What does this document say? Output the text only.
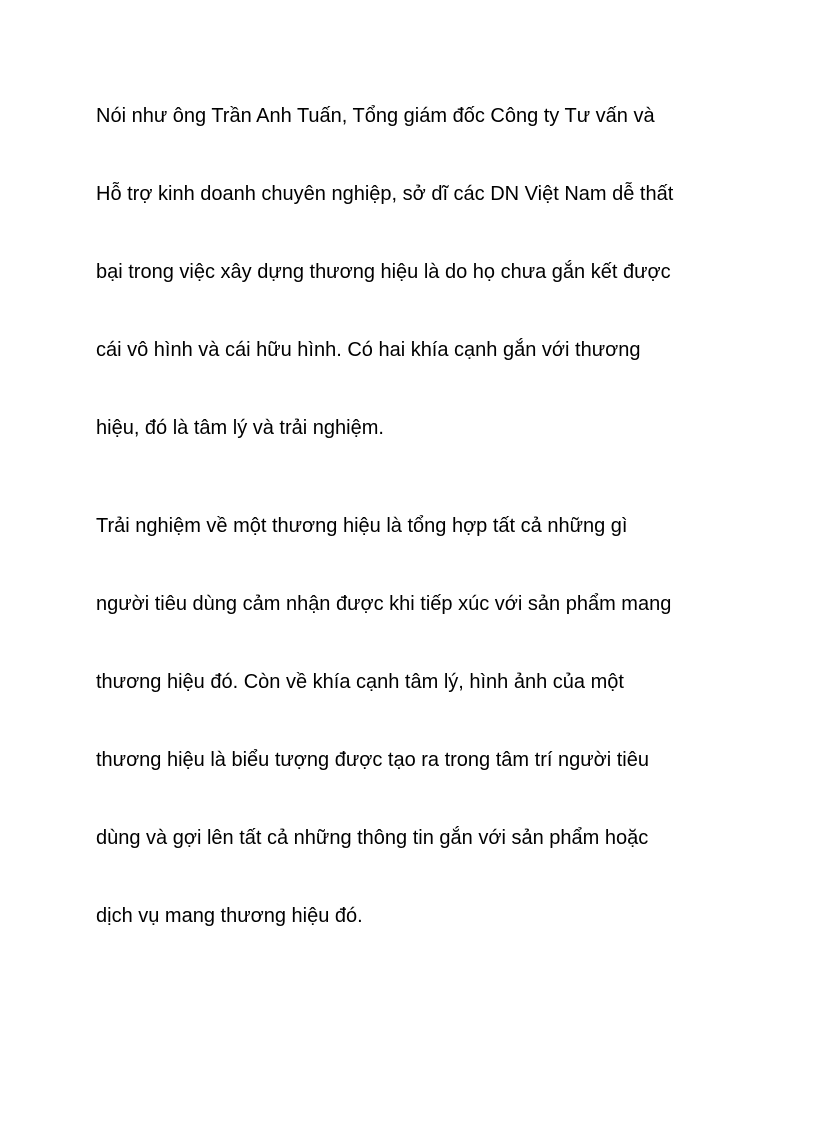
Nói như ông Trần Anh Tuấn, Tổng giám đốc Công ty Tư vấn và
Hỗ trợ kinh doanh chuyên nghiệp, sở dĩ các DN Việt Nam dễ thất
bại trong việc xây dựng thương hiệu là do họ chưa gắn kết được
cái vô hình và cái hữu hình. Có hai khía cạnh gắn với thương
hiệu, đó là tâm lý và trải nghiệm.
Trải nghiệm về một thương hiệu là tổng hợp tất cả những gì
người tiêu dùng cảm nhận được khi tiếp xúc với sản phẩm mang
thương hiệu đó. Còn về khía cạnh tâm lý, hình ảnh của một
thương hiệu là biểu tượng được tạo ra trong tâm trí người tiêu
dùng và gợi lên tất cả những thông tin gắn với sản phẩm hoặc
dịch vụ mang thương hiệu đó.
